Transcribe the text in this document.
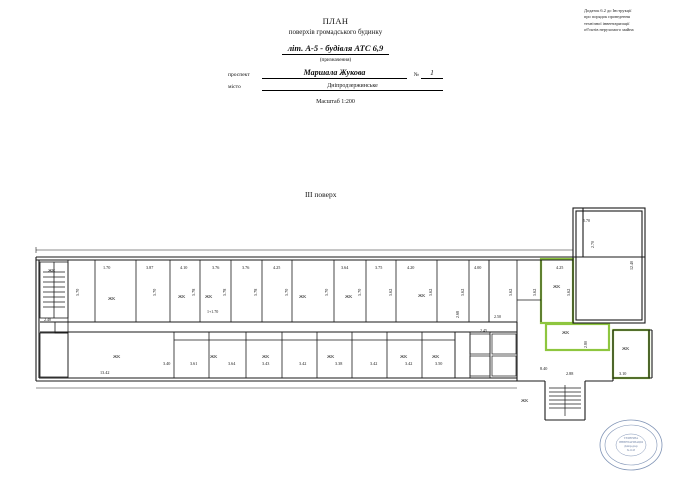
Додаток 6.2 до Інструкції
про порядок проведення
технічної інвентаризації
об'єктів нерухомого майна
ПЛАН
поверхів громадського будинку
літ. А-5 - будівля АТС 6,9
(призначення)
проспект	Маршала Жукова	№	1
місто	Дніпродзержинське
Масштаб 1:200
III поверх
ЖК
ЖК	ЖК	ЖК	ЖК	ЖК	ЖК
ЖК
ЖК	ЖК	ЖК	ЖК	ЖК	ЖК
ЖК
ЖК
ЖК
1.70	3.87	4.10	3.76	3.76	4.25	3.64	3.75	4.20	4.00	4.25
5.70	5.70	5.78	5.78	5.78	5.70	5.70	5.70	5.62	5.62	5.62	5.62	5.62	5.62
13.42
3.40	3.61	3.64	3.43	3.42	3.38	3.42	3.42	3.50
2.88	3.10
8.40
2.40
1+1.70
5.70
12.40
2.70
2.80
2.50
2.68
2.45
ТЕХНІЧНА
ІНВЕНТАРИЗАЦІЯ
Дніпродзер
№1143
